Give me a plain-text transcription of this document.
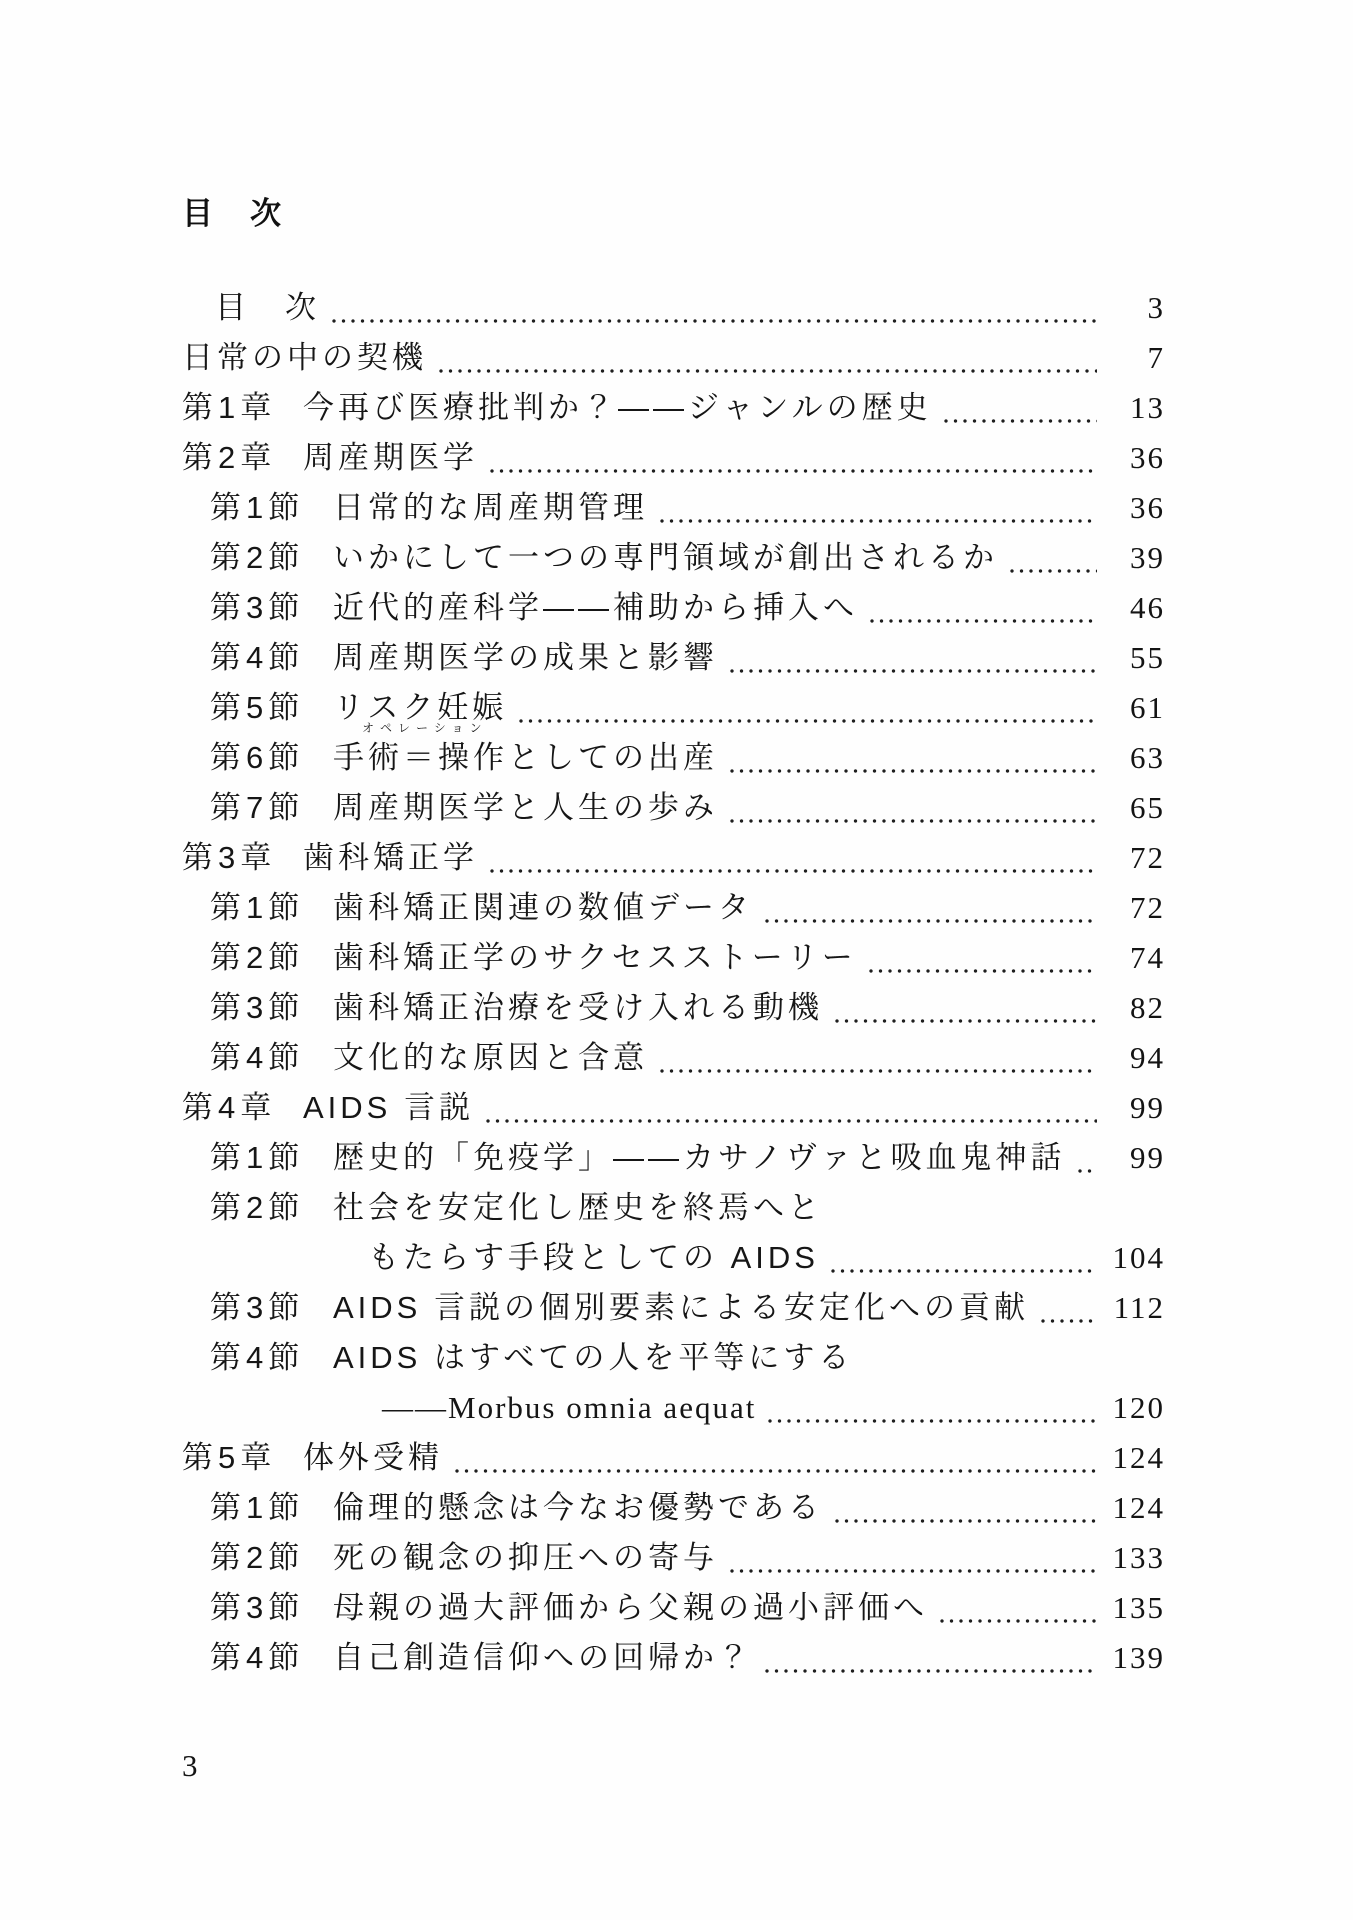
目　次
目　次	3
日常の中の契機	7
第1章 今再び医療批判か？——ジャンルの歴史	13
第2章 周産期医学	36
第1節 日常的な周産期管理	36
第2節 いかにして一つの専門領域が創出されるか	39
第3節 近代的産科学——補助から挿入へ	46
第4節 周産期医学の成果と影響	55
第5節 リスク妊娠	61
第6節 手術＝操作
オペレーション
としての出産	63
第7節 周産期医学と人生の歩み	65
第3章 歯科矯正学	72
第1節 歯科矯正関連の数値データ	72
第2節 歯科矯正学のサクセスストーリー	74
第3節 歯科矯正治療を受け入れる動機	82
第4節 文化的な原因と含意	94
第4章 AIDS 言説	99
第1節 歴史的「免疫学」——カサノヴァと吸血鬼神話	99
第2節 社会を安定化し歴史を終焉へと
もたらす手段としての AIDS	104
第3節 AIDS 言説の個別要素による安定化への貢献	112
第4節 AIDS はすべての人を平等にする
——Morbus omnia aequat	120
第5章 体外受精	124
第1節 倫理的懸念は今なお優勢である	124
第2節 死の観念の抑圧への寄与	133
第3節 母親の過大評価から父親の過小評価へ	135
第4節 自己創造信仰への回帰か？	139
3
